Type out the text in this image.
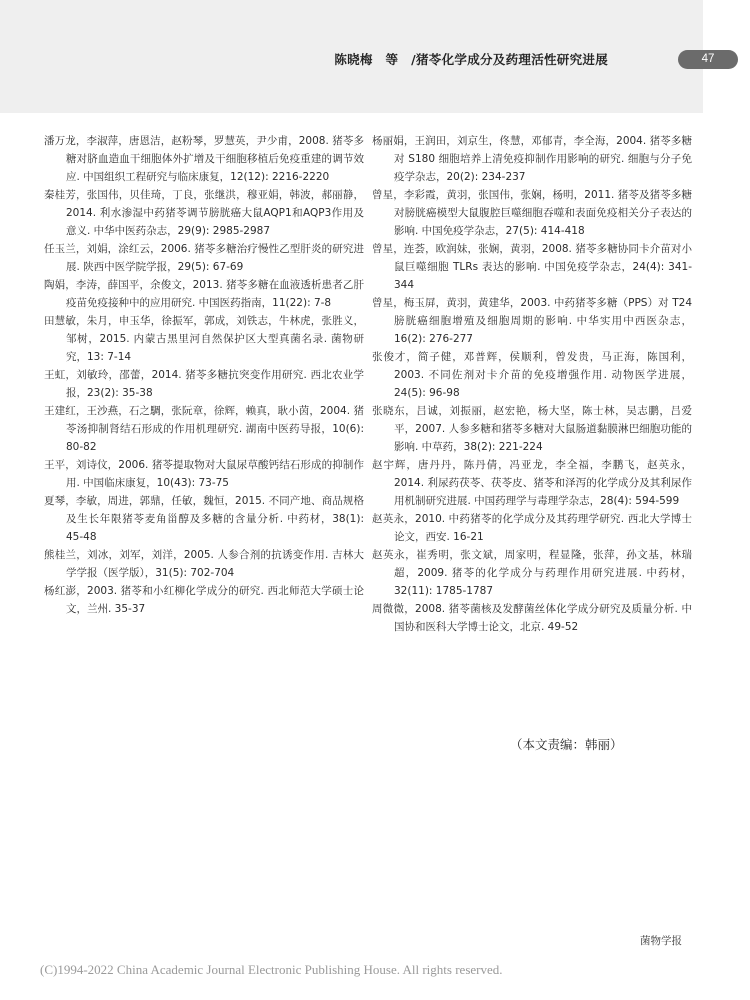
陈晓梅　等　/猪苓化学成分及药理活性研究进展	47

潘万龙，李淑萍，唐恩洁，赵粉琴，罗慧英，尹少甫，2008. 猪苓多糖对脐血造血干细胞体外扩增及干细胞移植后免疫重建的调节效应. 中国组织工程研究与临床康复，12(12): 2216-2220

秦桂芳，张国伟，贝佳琦，丁良，张继洪，穆亚娟，韩波，郝丽静，2014. 利水渗湿中药猪苓调节膀胱癌大鼠AQP1和AQP3作用及意义. 中华中医药杂志，29(9): 2985-2987

任玉兰，刘娟，涂红云，2006. 猪苓多糖治疗慢性乙型肝炎的研究进展. 陕西中医学院学报，29(5): 67-69

陶娟，李涛，薛国平，余俊文，2013. 猪苓多糖在血液透析患者乙肝疫苗免疫接种中的应用研究. 中国医药指南，11(22): 7-8

田慧敏，朱月，申玉华，徐振军，郭成，刘铁志，牛林虎，张胜义，邹树，2015. 内蒙古黑里河自然保护区大型真菌名录. 菌物研究，13: 7-14

王虹，刘敏玲，邵蕾，2014. 猪苓多糖抗突变作用研究. 西北农业学报，23(2): 35-38

王建红，王沙燕，石之騆，张阮章，徐辉，赖真，耿小茵，2004. 猪苓汤抑制肾结石形成的作用机理研究. 湖南中医药导报，10(6): 80-82

王平，刘诗伩，2006. 猪苓提取物对大鼠尿草酸钙结石形成的抑制作用. 中国临床康复，10(43): 73-75

夏琴，李敏，周进，郭鼎，任敏，魏恒，2015. 不同产地、商品规格及生长年限猪苓麦角甾醇及多糖的含量分析. 中药材，38(1): 45-48

熊桂兰，刘冰，刘军，刘洋，2005. 人参合剂的抗诱变作用. 吉林大学学报（医学版），31(5): 702-704

杨红澎，2003. 猪苓和小红柳化学成分的研究. 西北师范大学硕士论文，兰州. 35-37

杨丽娟，王润田，刘京生，佟慧，邓郁青，李全海，2004. 猪苓多糖对 S180 细胞培养上清免疫抑制作用影响的研究. 细胞与分子免疫学杂志，20(2): 234-237

曾星，李彩霞，黄羽，张国伟，张娴，杨明，2011. 猪苓及猪苓多糖对膀胱癌模型大鼠腹腔巨噬细胞吞噬和表面免疫相关分子表达的影响. 中国免疫学杂志，27(5): 414-418

曾星，连荟，欧润妹，张娴，黄羽，2008. 猪苓多糖协同卡介苗对小鼠巨噬细胞 TLRs 表达的影响. 中国免疫学杂志，24(4): 341-344

曾星，梅玉屏，黄羽，黄建华，2003. 中药猪苓多糖（PPS）对 T24 膀胱癌细胞增殖及细胞周期的影响. 中华实用中西医杂志，16(2): 276-277

张俊才，简子健，邓普辉，侯顺利，曾发贵，马正海，陈国利，2003. 不同佐剂对卡介苗的免疫增强作用. 动物医学进展，24(5): 96-98

张晓东，吕诚，刘振丽，赵宏艳，杨大坚，陈士林，吴志鹏，吕爱平，2007. 人参多糖和猪苓多糖对大鼠肠道黏膜淋巴细胞功能的影响. 中草药，38(2): 221-224

赵宇辉，唐丹丹，陈丹倩，冯亚龙，李全福，李鹏飞，赵英永，2014. 利尿药茯苓、茯苓皮、猪苓和泽泻的化学成分及其利尿作用机制研究进展. 中国药理学与毒理学杂志，28(4): 594-599

赵英永，2010. 中药猪苓的化学成分及其药理学研究. 西北大学博士论文，西安. 16-21

赵英永，崔秀明，张文斌，周家明，程显隆，张萍，孙文基，林瑞超，2009. 猪苓的化学成分与药理作用研究进展. 中药材，32(11): 1785-1787

周微微，2008. 猪苓菌核及发酵菌丝体化学成分研究及质量分析. 中国协和医科大学博士论文，北京. 49-52

（本文责编：韩丽）
菌物学报
(C)1994-2022 China Academic Journal Electronic Publishing House. All rights reserved.
